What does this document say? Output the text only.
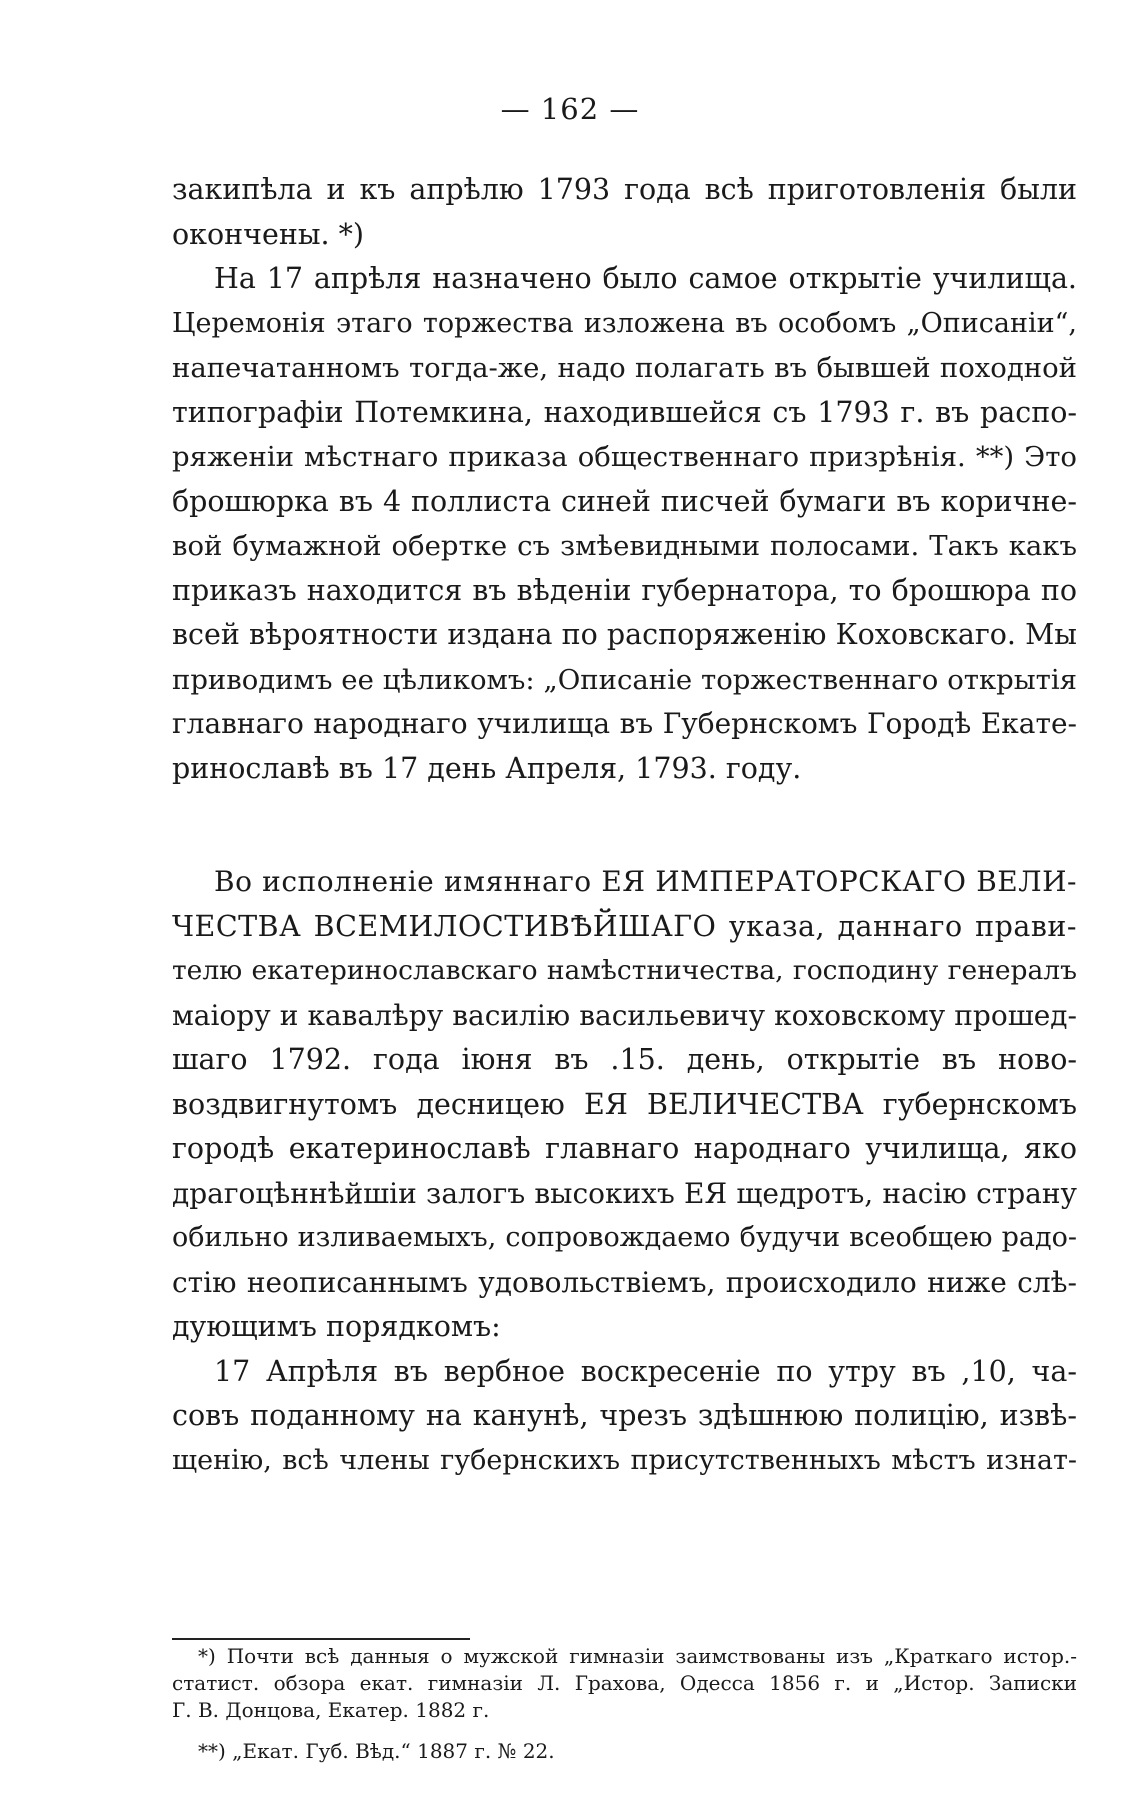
— 162 —
закипѣла и къ апрѣлю 1793 года всѣ приготовленія были
окончены. *)
На 17 апрѣля назначено было самое открытіе училища.
Церемонія этаго торжества изложена въ особомъ „Описаніи“,
напечатанномъ тогда-же, надо полагать въ бывшей походной
типографіи Потемкина, находившейся съ 1793 г. въ распо-
ряженіи мѣстнаго приказа общественнаго призрѣнія. **) Это
брошюрка въ 4 поллиста синей писчей бумаги въ коричне-
вой бумажной обертке съ змѣевидными полосами. Такъ какъ
приказъ находится въ вѣденіи губернатора, то брошюра по
всей вѣроятности издана по распоряженію Коховскаго. Мы
приводимъ ее цѣликомъ: „Описаніе торжественнаго открытія
главнаго народнаго училища въ Губернскомъ Городѣ Екате-
ринославѣ въ 17 день Апреля, 1793. году.
Во исполненіе имяннаго ЕЯ ИМПЕРАТОРСКАГО ВЕЛИ-
ЧЕСТВА ВСЕМИЛОСТИВѢЙШАГО указа, даннаго прави-
телю екатеринославскаго намѣстничества, господину генералъ
маіору и кавалѣру василію васильевичу коховскому прошед-
шаго 1792. года іюня въ .15. день, открытіе въ ново-
воздвигнутомъ десницею ЕЯ ВЕЛИЧЕСТВА губернскомъ
городѣ екатеринославѣ главнаго народнаго училища, яко
драгоцѣннѣйшіи залогъ высокихъ ЕЯ щедротъ, насію страну
обильно изливаемыхъ, сопровождаемо будучи всеобщею радо-
стію неописаннымъ удовольствіемъ, происходило ниже слѣ-
дующимъ порядкомъ:
17 Апрѣля въ вербное воскресеніе по утру въ ,10, ча-
совъ поданному на канунѣ, чрезъ здѣшнюю полицію, извѣ-
щенію, всѣ члены губернскихъ присутственныхъ мѣстъ изнат-
*) Почти всѣ данныя о мужской гимназіи заимствованы изъ „Краткаго истор.-
статист. обзора екат. гимназіи Л. Грахова, Одесса 1856 г. и „Истор. Записки
Г. В. Донцова, Екатер. 1882 г.
**) „Екат. Губ. Вѣд.“ 1887 г. № 22.
